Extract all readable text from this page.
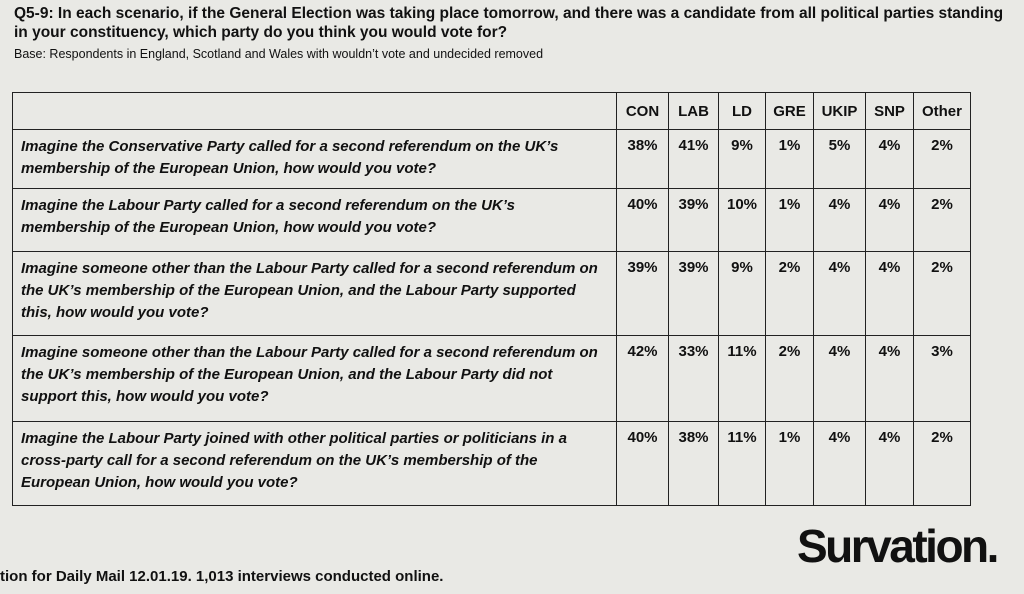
Q5-9: In each scenario, if the General Election was taking place tomorrow, and there was a candidate from all political parties standing in your constituency, which party do you think you would vote for?
Base: Respondents in England, Scotland and Wales with wouldn’t vote and undecided removed
	CON	LAB	LD	GRE	UKIP	SNP	Other
Imagine the Conservative Party called for a second referendum on the UK’s membership of the European Union, how would you vote?	38%	41%	9%	1%	5%	4%	2%
Imagine the Labour Party called for a second referendum on the UK’s membership of the European Union, how would you vote?	40%	39%	10%	1%	4%	4%	2%
Imagine someone other than the Labour Party called for a second referendum on the UK’s membership of the European Union, and the Labour Party supported this, how would you vote?	39%	39%	9%	2%	4%	4%	2%
Imagine someone other than the Labour Party called for a second referendum on the UK’s membership of the European Union, and the Labour Party did not support this, how would you vote?	42%	33%	11%	2%	4%	4%	3%
Imagine the Labour Party joined with other political parties or politicians in a cross-party call for a second referendum on the UK’s membership of the European Union, how would you vote?	40%	38%	11%	1%	4%	4%	2%
Survation.
tion for Daily Mail 12.01.19. 1,013 interviews conducted online.
